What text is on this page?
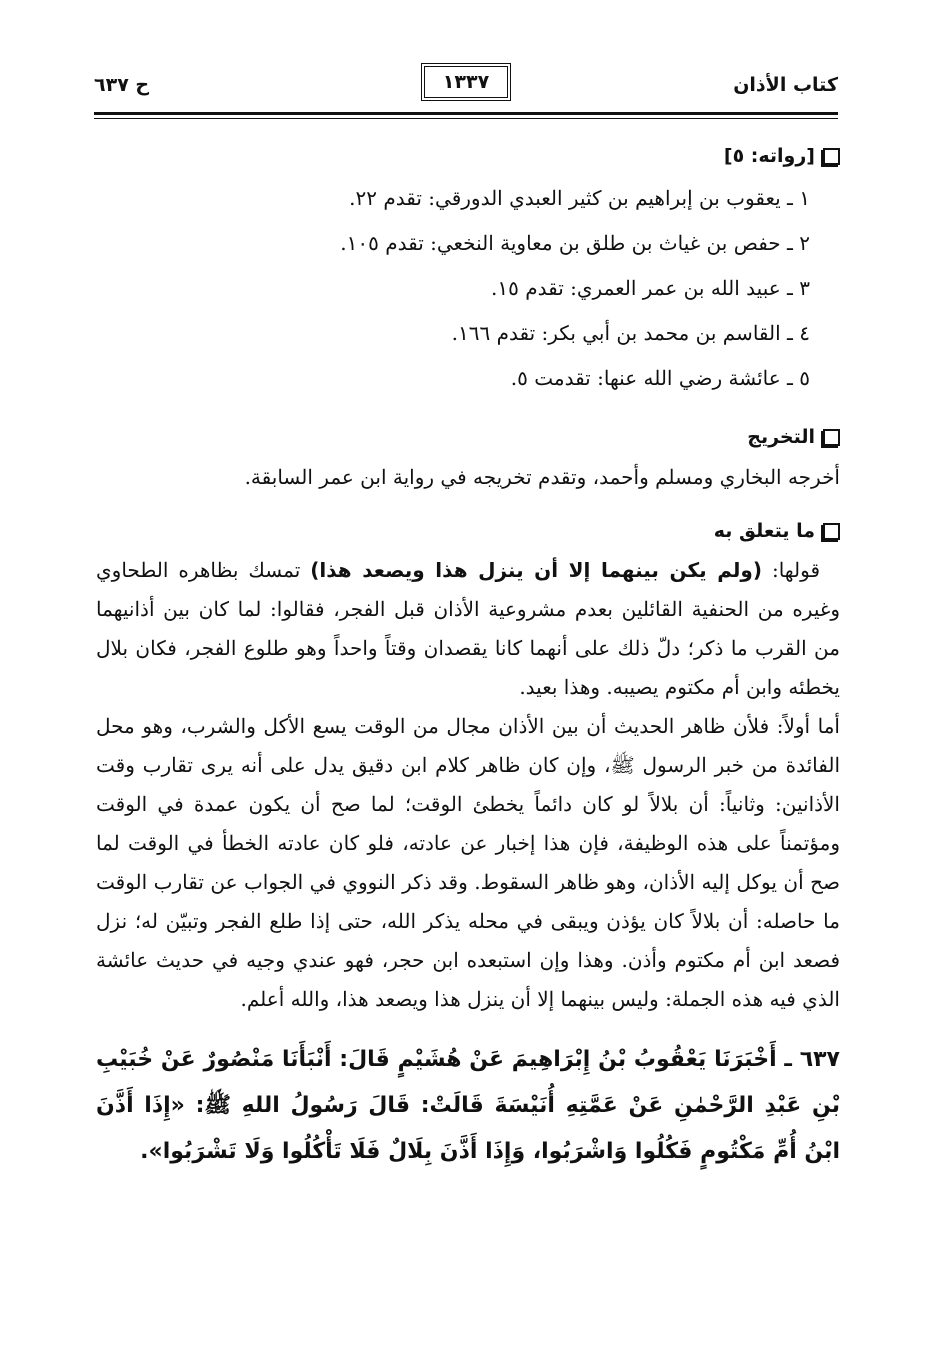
كتاب الأذان
١٣٣٧
ح ٦٣٧
[رواته: ٥]
١ ـ يعقوب بن إبراهيم بن كثير العبدي الدورقي: تقدم ٢٢.
٢ ـ حفص بن غياث بن طلق بن معاوية النخعي: تقدم ١٠٥.
٣ ـ عبيد الله بن عمر العمري: تقدم ١٥.
٤ ـ القاسم بن محمد بن أبي بكر: تقدم ١٦٦.
٥ ـ عائشة رضي الله عنها: تقدمت ٥.
التخريج

أخرجه البخاري ومسلم وأحمد، وتقدم تخريجه في رواية ابن عمر السابقة.

ما يتعلق به

 قولها: (ولم يكن بينهما إلا أن ينزل هذا ويصعد هذا) تمسك بظاهره الطحاوي وغيره من الحنفية القائلين بعدم مشروعية الأذان قبل الفجر، فقالوا: لما كان بين أذانيهما من القرب ما ذكر؛ دلّ ذلك على أنهما كانا يقصدان وقتاً واحداً وهو طلوع الفجر، فكان بلال يخطئه وابن أم مكتوم يصيبه. وهذا بعيد.

أما أولاً: فلأن ظاهر الحديث أن بين الأذان مجال من الوقت يسع الأكل والشرب، وهو محل الفائدة من خبر الرسول ﷺ، وإن كان ظاهر كلام ابن دقيق يدل على أنه يرى تقارب وقت الأذانين: وثانياً: أن بلالاً لو كان دائماً يخطئ الوقت؛ لما صح أن يكون عمدة في الوقت ومؤتمناً على هذه الوظيفة، فإن هذا إخبار عن عادته، فلو كان عادته الخطأ في الوقت لما صح أن يوكل إليه الأذان، وهو ظاهر السقوط. وقد ذكر النووي في الجواب عن تقارب الوقت ما حاصله: أن بلالاً كان يؤذن ويبقى في محله يذكر الله، حتى إذا طلع الفجر وتبيّن له؛ نزل فصعد ابن أم مكتوم وأذن. وهذا وإن استبعده ابن حجر، فهو عندي وجيه في حديث عائشة الذي فيه هذه الجملة: وليس بينهما إلا أن ينزل هذا ويصعد هذا، والله أعلم.

٦٣٧ ـ أَخْبَرَنَا يَعْقُوبُ بْنُ إِبْرَاهِيمَ عَنْ هُشَيْمٍ قَالَ: أَنْبَأَنَا مَنْصُورٌ عَنْ خُبَيْبِ بْنِ عَبْدِ الرَّحْمٰنِ عَنْ عَمَّتِهِ أُنَيْسَةَ قَالَتْ: قَالَ رَسُولُ اللهِ ﷺ: «إِذَا أَذَّنَ ابْنُ أُمِّ مَكْتُومٍ فَكُلُوا وَاشْرَبُوا، وَإِذَا أَذَّنَ بِلَالٌ فَلَا تَأْكُلُوا وَلَا تَشْرَبُوا».
